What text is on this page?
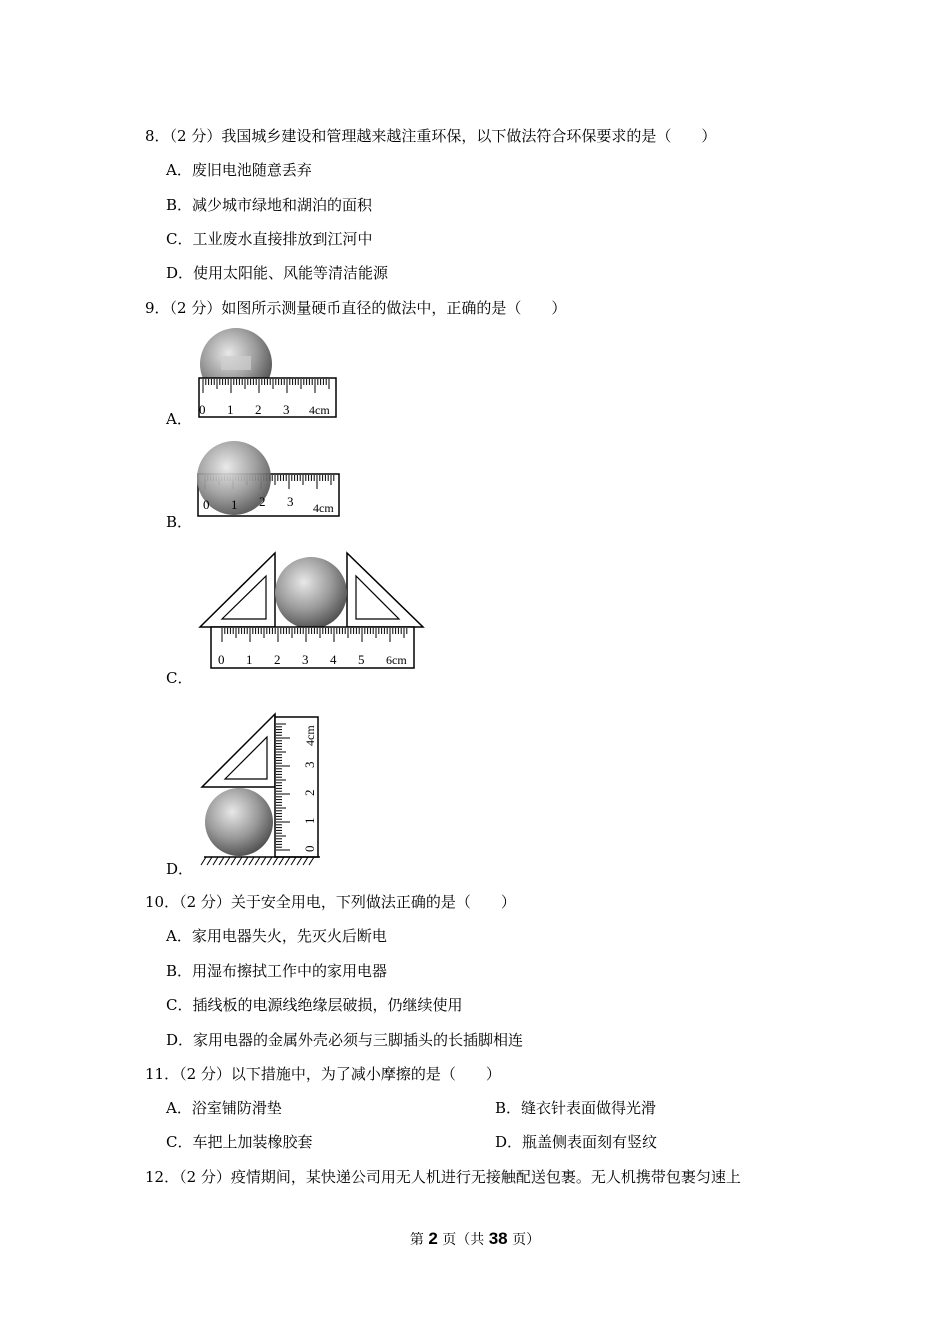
8．（2 分）我国城乡建设和管理越来越注重环保，以下做法符合环保要求的是（　　）
A．废旧电池随意丢弃
B．减少城市绿地和湖泊的面积
C．工业废水直接排放到江河中
D．使用太阳能、风能等清洁能源
9．（2 分）如图所示测量硬币直径的做法中，正确的是（　　）
A．
B．
C．
D．
0 1 2 3 4cm
0 1 2 3 4cm
0 1 2 3 4 5 6cm
0
1
2
3
4cm
10．（2 分）关于安全用电，下列做法正确的是（　　）
A．家用电器失火，先灭火后断电
B．用湿布擦拭工作中的家用电器
C．插线板的电源线绝缘层破损，仍继续使用
D．家用电器的金属外壳必须与三脚插头的长插脚相连
11．（2 分）以下措施中，为了减小摩擦的是（　　）
A．浴室铺防滑垫	B．缝衣针表面做得光滑
C．车把上加装橡胶套	D．瓶盖侧表面刻有竖纹
12．（2 分）疫情期间，某快递公司用无人机进行无接触配送包裹。无人机携带包裹匀速上
第 2 页（共 38 页）
